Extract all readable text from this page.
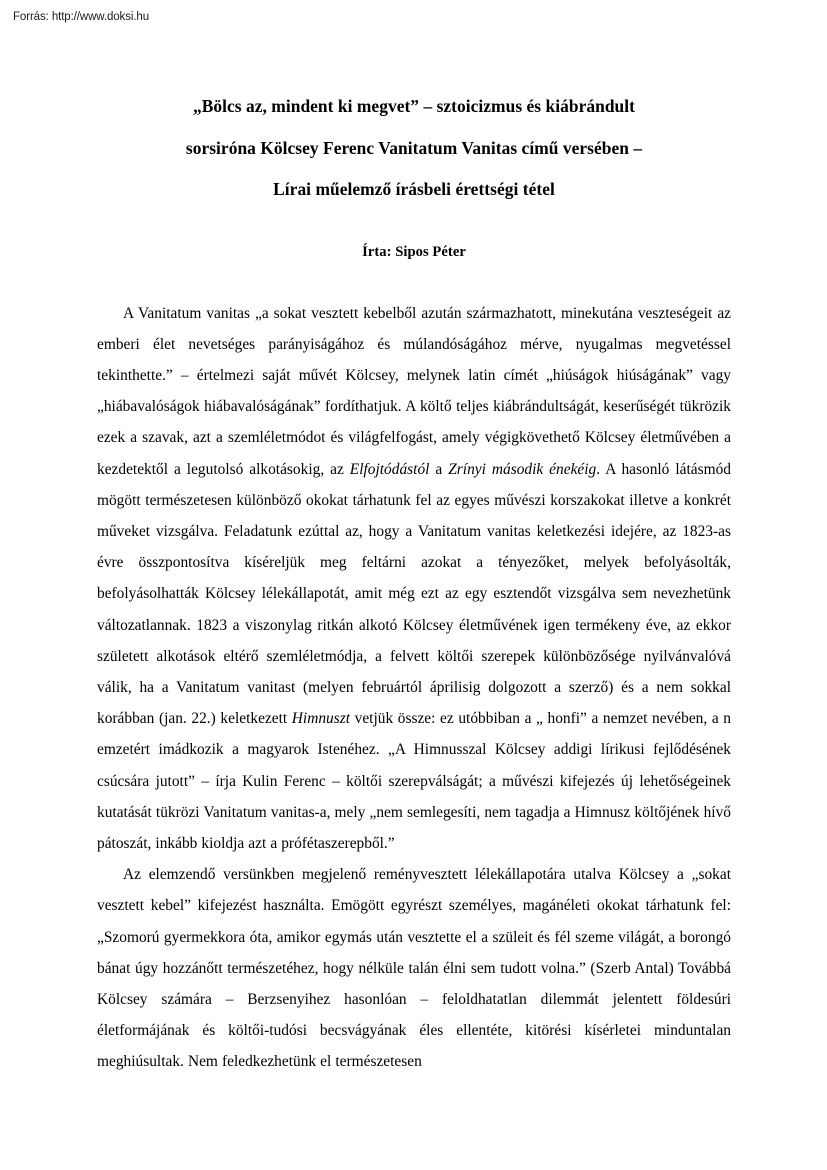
Forrás: http://www.doksi.hu
„Bölcs az, mindent ki megvet” – sztoicizmus és kiábrándult
sorsiróna Kölcsey Ferenc Vanitatum Vanitas című versében –
Lírai műelemző írásbeli érettségi tétel
Írta: Sipos Péter

A Vanitatum vanitas „a sokat vesztett kebelből azután származhatott, minekutána veszteségeit az emberi élet nevetséges parányiságához és múlandóságához mérve, nyugalmas megvetéssel tekinthette.” – értelmezi saját művét Kölcsey, melynek latin címét „hiúságok hiúságának” vagy „hiábavalóságok hiábavalóságának” fordíthatjuk. A költő teljes kiábrándultságát, keserűségét tükrözik ezek a szavak, azt a szemléletmódot és világfelfogást, amely végigkövethető Kölcsey életművében a kezdetektől a legutolsó alkotásokig, az Elfojtódástól a Zrínyi második énekéig. A hasonló látásmód mögött természetesen különböző okokat tárhatunk fel az egyes művészi korszakokat illetve a konkrét műveket vizsgálva. Feladatunk ezúttal az, hogy a Vanitatum vanitas keletkezési idejére, az 1823-as évre összpontosítva kíséreljük meg feltárni azokat a tényezőket, melyek befolyásolták, befolyásolhatták Kölcsey lélekállapotát, amit még ezt az egy esztendőt vizsgálva sem nevezhetünk változatlannak. 1823 a viszonylag ritkán alkotó Kölcsey életművének igen termékeny éve, az ekkor született alkotások eltérő szemléletmódja, a felvett költői szerepek különbözősége nyilvánvalóvá válik, ha a Vanitatum vanitast (melyen februártól áprilisig dolgozott a szerző) és a nem sokkal korábban (jan. 22.) keletkezett Himnuszt vetjük össze: ez utóbbiban a „ honfi” a nemzet nevében, a n emzetért imádkozik a magyarok Istenéhez. „A Himnusszal Kölcsey addigi lírikusi fejlődésének csúcsára jutott” – írja Kulin Ferenc – költői szerepválságát; a művészi kifejezés új lehetőségeinek kutatását tükrözi Vanitatum vanitas-a, mely „nem semlegesíti, nem tagadja a Himnusz költőjének hívő pátoszát, inkább kioldja azt a prófétaszerepből.”

Az elemzendő versünkben megjelenő reményvesztett lélekállapotára utalva Kölcsey a „sokat vesztett kebel” kifejezést használta. Emögött egyrészt személyes, magánéleti okokat tárhatunk fel: „Szomorú gyermekkora óta, amikor egymás után vesztette el a szüleit és fél szeme világát, a borongó bánat úgy hozzánőtt természetéhez, hogy nélküle talán élni sem tudott volna.” (Szerb Antal) Továbbá Kölcsey számára – Berzsenyihez hasonlóan – feloldhatatlan dilemmát jelentett földesúri életformájának és költői-tudósi becsvágyának éles ellentéte, kitörési kísérletei minduntalan meghiúsultak. Nem feledkezhetünk el természetesen
